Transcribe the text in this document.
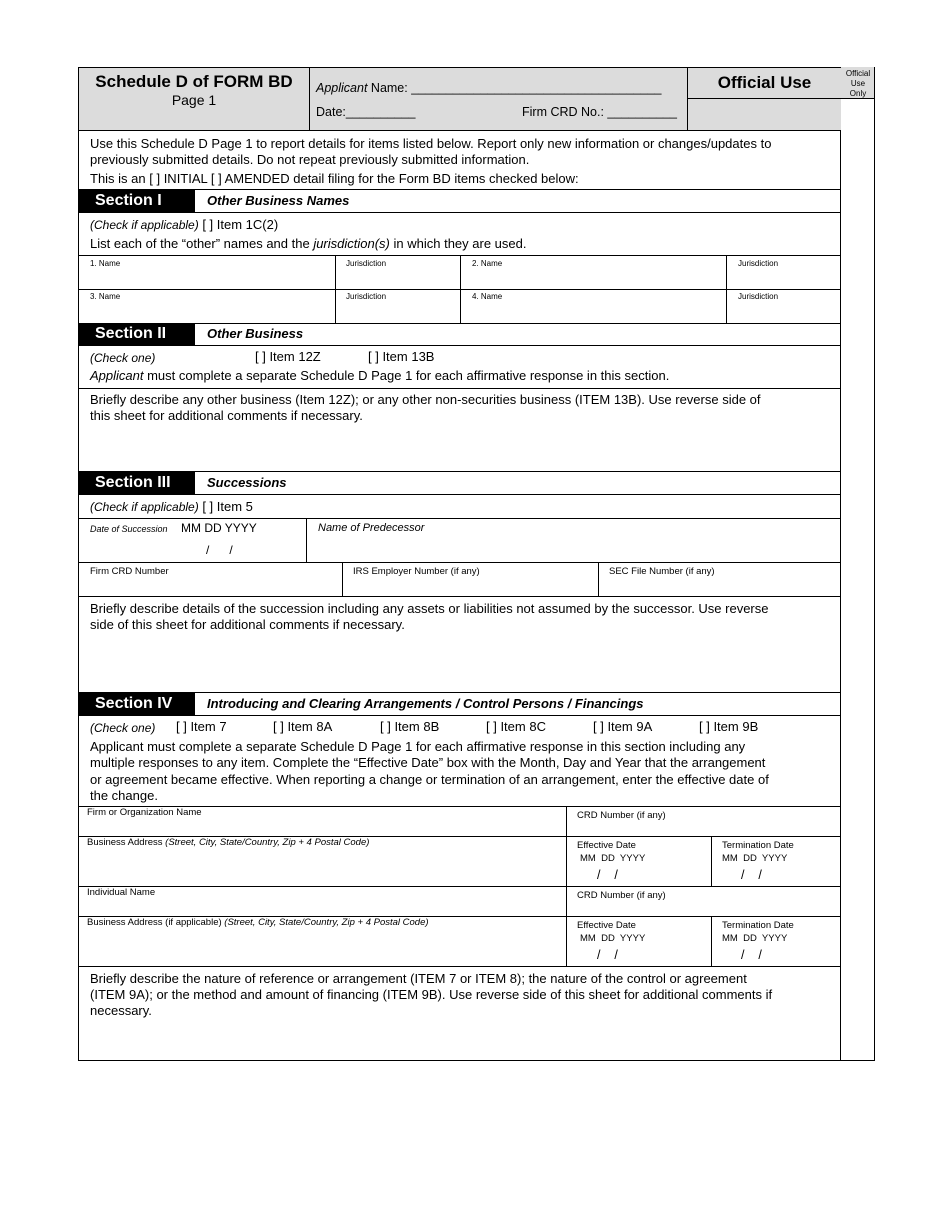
Official
Use
Only
Schedule D of FORM BD
Page 1
Applicant Name: ____________________________________
Date:__________	Firm CRD No.: __________
Official Use
Use this Schedule D Page 1 to report details for items listed below. Report only new information or changes/updates to
previously submitted details. Do not repeat previously submitted information.
This is an [ ] INITIAL [ ] AMENDED detail filing for the Form BD items checked below:
Section I	Other Business Names
(Check if applicable) [ ] Item 1C(2)
List each of the “other” names and the jurisdiction(s) in which they are used.
1. Name	Jurisdiction	2. Name	Jurisdiction
3. Name	Jurisdiction	4. Name	Jurisdiction
Section II	Other Business
(Check one)	[ ] Item 12Z	[ ] Item 13B
Applicant must complete a separate Schedule D Page 1 for each affirmative response in this section.
Briefly describe any other business (Item 12Z); or any other non-securities business (ITEM 13B). Use reverse side of
this sheet for additional comments if necessary.
Section III	Successions
(Check if applicable) [ ] Item 5
Date of Succession MM DD YYYY
/      /
Name of Predecessor
Firm CRD Number	IRS Employer Number (if any)	SEC File Number (if any)
Briefly describe details of the succession including any assets or liabilities not assumed by the successor. Use reverse
side of this sheet for additional comments if necessary.
Section IV	Introducing and Clearing Arrangements / Control Persons / Financings
(Check one) [ ] Item 7	[ ] Item 8A	[ ] Item 8B	[ ] Item 8C	[ ] Item 9A	[ ] Item 9B
Applicant must complete a separate Schedule D Page 1 for each affirmative response in this section including any
multiple responses to any item. Complete the “Effective Date” box with the Month, Day and Year that the arrangement
or agreement became effective. When reporting a change or termination of an arrangement, enter the effective date of
the change.
Firm or Organization Name	CRD Number (if any)
Business Address (Street, City, State/Country, Zip + 4 Postal Code)	Effective Date
MM  DD  YYYY
/    /
Termination Date
MM  DD  YYYY
/    /
Individual Name	CRD Number (if any)
Business Address (if applicable) (Street, City, State/Country, Zip + 4 Postal Code)	Effective Date
MM  DD  YYYY
/    /
Termination Date
MM  DD  YYYY
/    /
Briefly describe the nature of reference or arrangement (ITEM 7 or ITEM 8); the nature of the control or agreement
(ITEM 9A); or the method and amount of financing (ITEM 9B). Use reverse side of this sheet for additional comments if
necessary.
